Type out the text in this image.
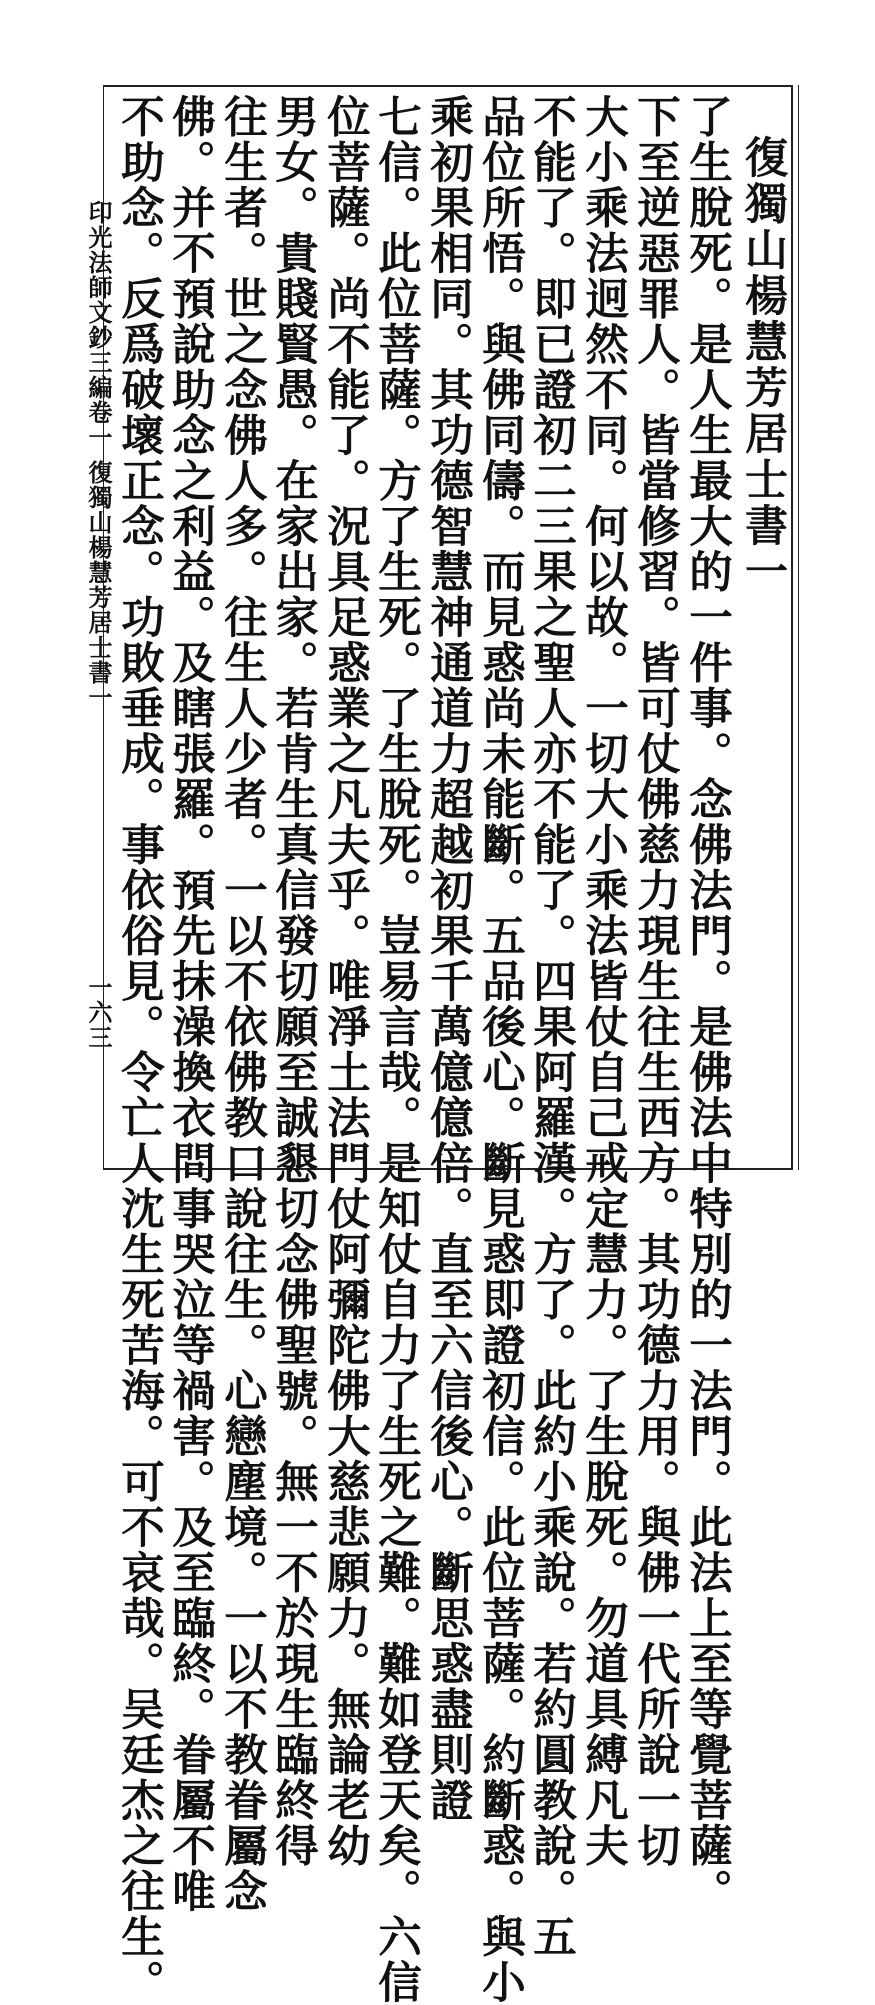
印光法師文鈔三編卷一
復獨山楊慧芳居士書一
一六三
復獨山楊慧芳居士書一
了生脫死。是人生最大的一件事。念佛法門。是佛法中特別的一法門。此法上至等覺菩薩。
下至逆惡罪人。皆當修習。皆可仗佛慈力現生往生西方。其功德力用。與佛一代所說一切
大小乘法迥然不同。何以故。一切大小乘法皆仗自己戒定慧力。了生脫死。勿道具縛凡夫
不能了。即已證初二三果之聖人亦不能了。四果阿羅漢。方了。此約小乘說。若約圓教說。五
品位所悟。與佛同儔。而見惑尚未能斷。五品後心。斷見惑即證初信。此位菩薩。約斷惑。與小
乘初果相同。其功德智慧神通道力超越初果千萬億億倍。直至六信後心。斷思惑盡則證
七信。此位菩薩。方了生死。了生脫死。豈易言哉。是知仗自力了生死之難。難如登天矣。六信
位菩薩。尚不能了。況具足惑業之凡夫乎。唯淨土法門仗阿彌陀佛大慈悲願力。無論老幼
男女。貴賤賢愚。在家出家。若肯生真信發切願至誠懇切念佛聖號。無一不於現生臨終得
往生者。世之念佛人多。往生人少者。一以不依佛教口說往生。心戀塵境。一以不教眷屬念
佛。并不預說助念之利益。及瞎張羅。預先抹澡換衣問事哭泣等禍害。及至臨終。眷屬不唯
不助念。反爲破壞正念。功敗垂成。事依俗見。令亡人沈生死苦海。可不哀哉。吴廷杰之往生。
